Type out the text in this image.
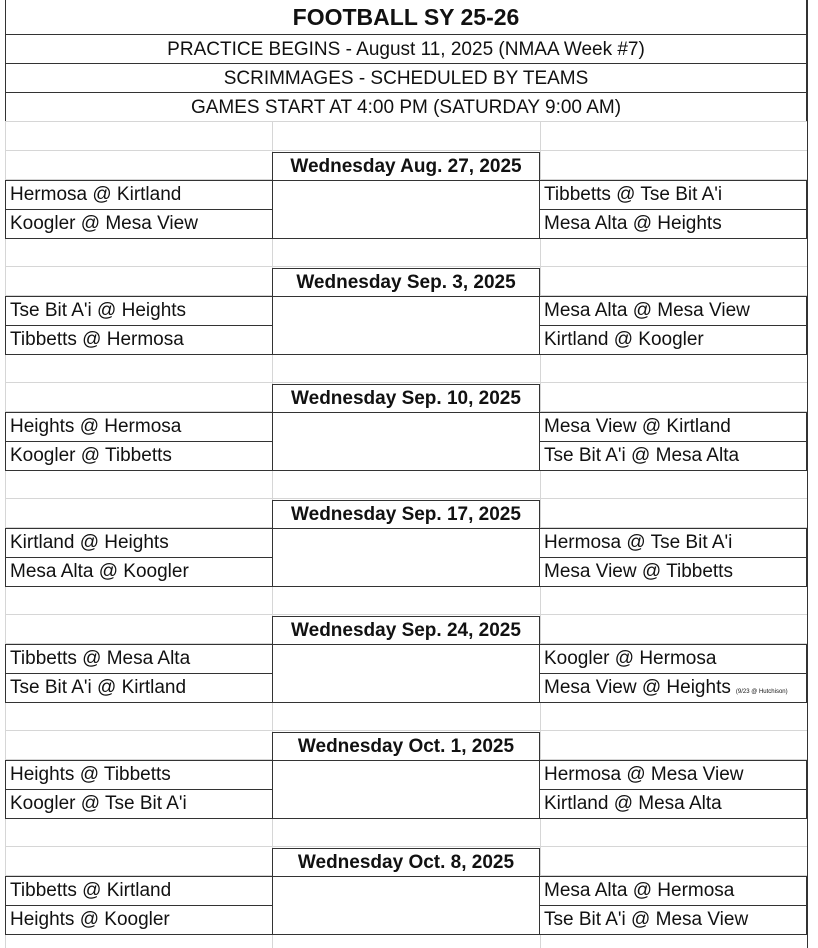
FOOTBALL SY 25-26
PRACTICE BEGINS - August 11, 2025 (NMAA Week #7)
SCRIMMAGES - SCHEDULED BY TEAMS
GAMES START AT 4:00 PM (SATURDAY 9:00 AM)
Wednesday Aug. 27, 2025
Hermosa @ Kirtland
Koogler @ Mesa View
Tibbetts @ Tse Bit A'i
Mesa Alta @ Heights
Wednesday Sep. 3, 2025
Tse Bit A'i @ Heights
Tibbetts @ Hermosa
Mesa Alta @ Mesa View
Kirtland @ Koogler
Wednesday Sep. 10, 2025
Heights @ Hermosa
Koogler @ Tibbetts
Mesa View @ Kirtland
Tse Bit A'i @ Mesa Alta
Wednesday Sep. 17, 2025
Kirtland @ Heights
Mesa Alta @ Koogler
Hermosa @ Tse Bit A'i
Mesa View @ Tibbetts
Wednesday Sep. 24, 2025
Tibbetts @ Mesa Alta
Tse Bit A'i @ Kirtland
Koogler @ Hermosa
Mesa View @ Heights (9/23 @ Hutchison)
Wednesday Oct. 1, 2025
Heights @ Tibbetts
Koogler @ Tse Bit A'i
Hermosa @ Mesa View
Kirtland @ Mesa Alta
Wednesday Oct. 8, 2025
Tibbetts @ Kirtland
Heights @ Koogler
Mesa Alta @ Hermosa
Tse Bit A'i @ Mesa View
